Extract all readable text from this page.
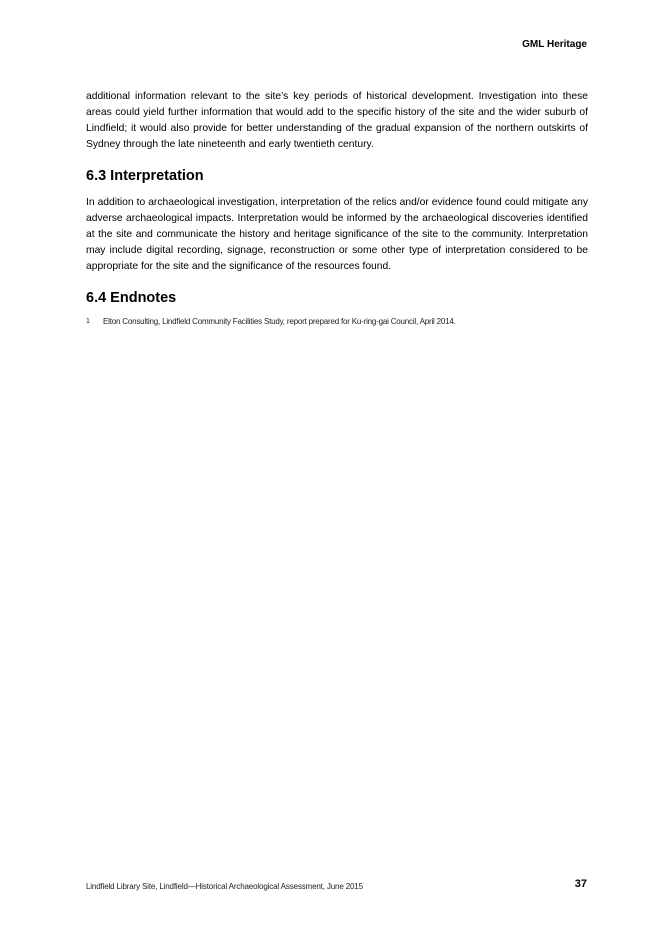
GML Heritage

additional information relevant to the site’s key periods of historical development. Investigation into these areas could yield further information that would add to the specific history of the site and the wider suburb of Lindfield; it would also provide for better understanding of the gradual expansion of the northern outskirts of Sydney through the late nineteenth and early twentieth century.

6.3 Interpretation

In addition to archaeological investigation, interpretation of the relics and/or evidence found could mitigate any adverse archaeological impacts. Interpretation would be informed by the archaeological discoveries identified at the site and communicate the history and heritage significance of the site to the community. Interpretation may include digital recording, signage, reconstruction or some other type of interpretation considered to be appropriate for the site and the significance of the resources found.

6.4 Endnotes
1	Elton Consulting, Lindfield Community Facilities Study, report prepared for Ku-ring-gai Council, April 2014.
Lindfield Library Site, Lindfield—Historical Archaeological Assessment, June 2015	37
